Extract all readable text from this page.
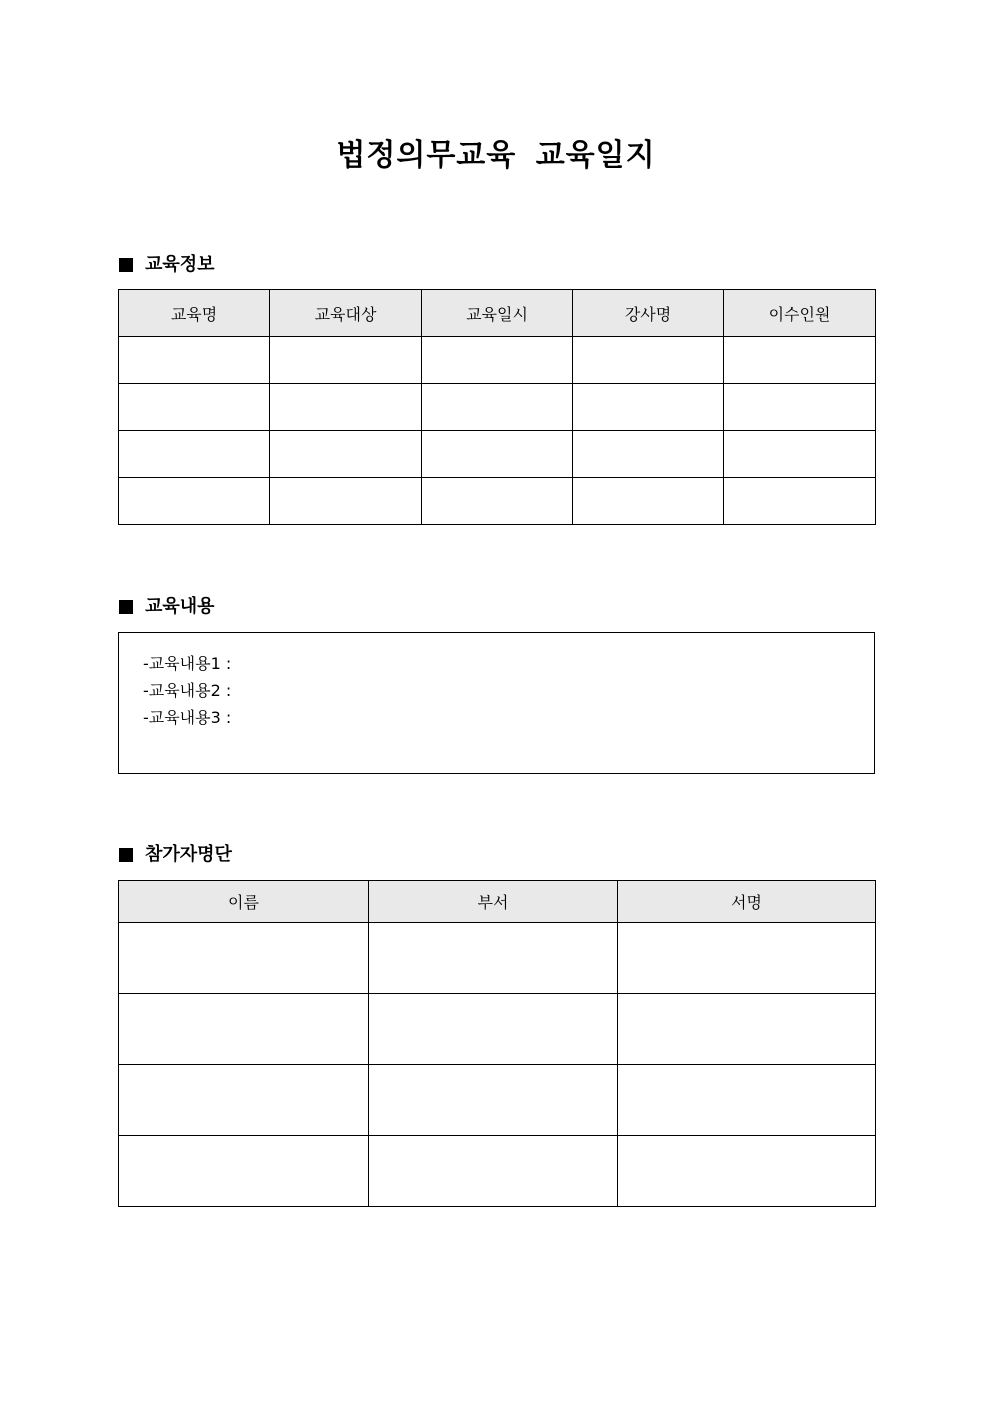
법정의무교육 교육일지
교육정보
교육명	교육대상	교육일시	강사명	이수인원

교육내용
-교육내용1 :
-교육내용2 :
-교육내용3 :
참가자명단
이름	부서	서명
